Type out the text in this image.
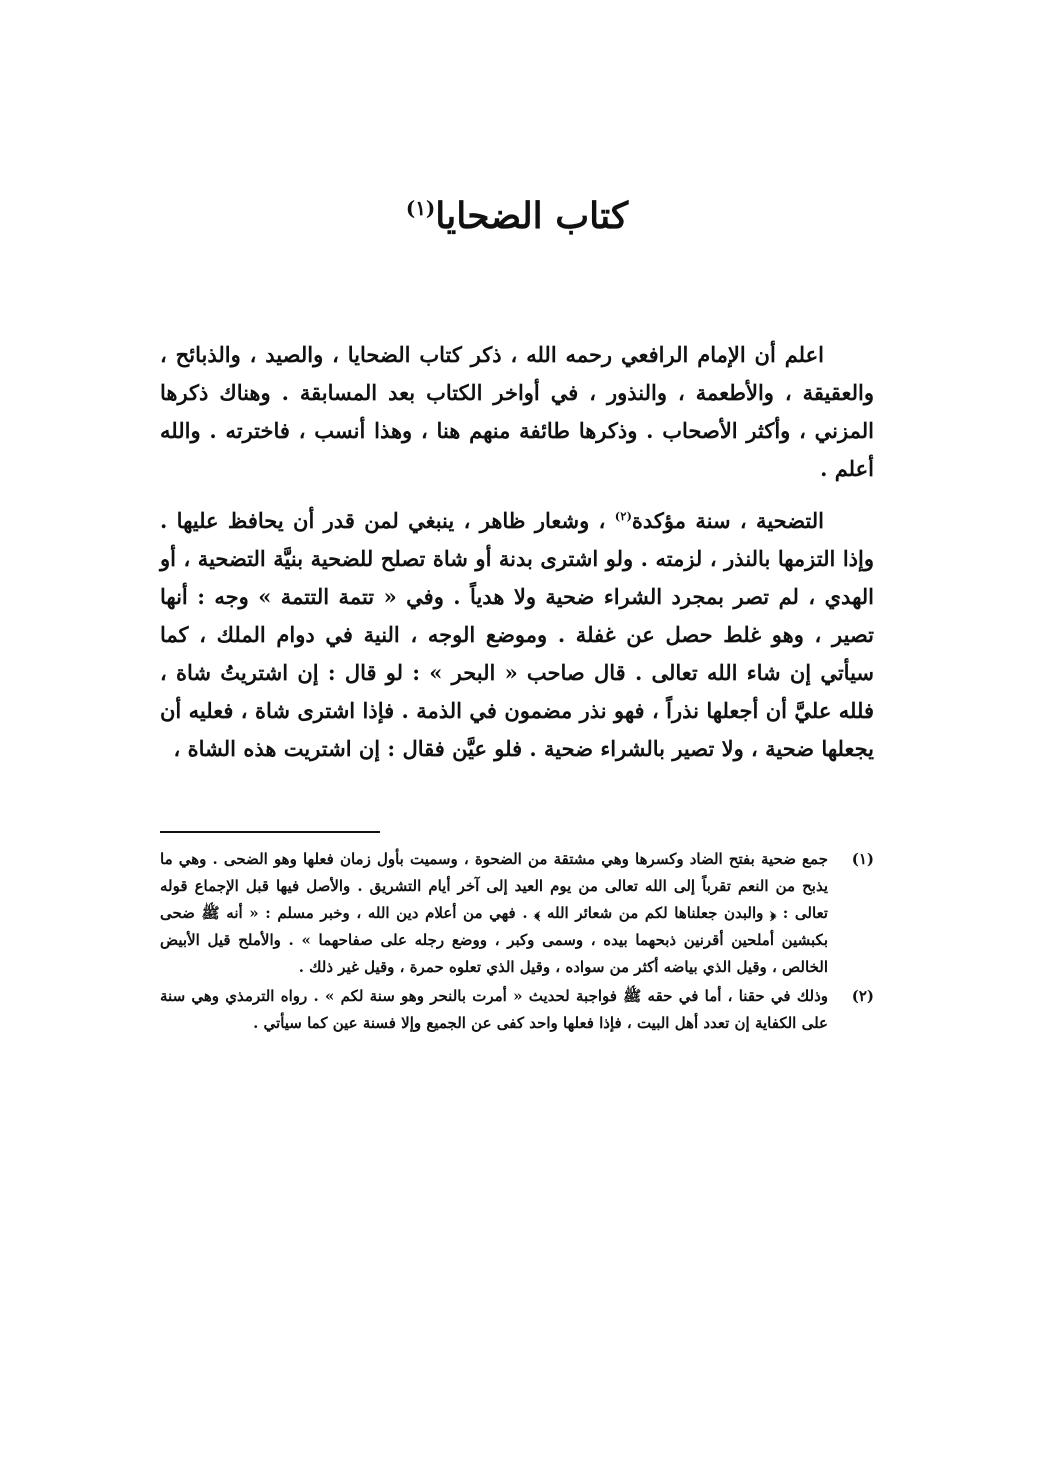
كتاب الضحايا$^{(١)}$

اعلم أن الإمام الرافعي رحمه الله ، ذكر كتاب الضحايا ، والصيد ، والذبائح ، والعقيقة ، والأطعمة ، والنذور ، في أواخر الكتاب بعد المسابقة . وهناك ذكرها المزني ، وأكثر الأصحاب . وذكرها طائفة منهم هنا ، وهذا أنسب ، فاخترته . والله أعلم .

التضحية ، سنة مؤكدة$^{(٢)}$ ، وشعار ظاهر ، ينبغي لمن قدر أن يحافظ عليها . وإذا التزمها بالنذر ، لزمته . ولو اشترى بدنة أو شاة تصلح للضحية بنيَّة التضحية ، أو الهدي ، لم تصر بمجرد الشراء ضحية ولا هدياً . وفي « تتمة التتمة » وجه : أنها تصير ، وهو غلط حصل عن غفلة . وموضع الوجه ، النية في دوام الملك ، كما سيأتي إن شاء الله تعالى . قال صاحب « البحر » : لو قال : إن اشتريتُ شاة ، فلله عليَّ أن أجعلها نذراً ، فهو نذر مضمون في الذمة . فإذا اشترى شاة ، فعليه أن يجعلها ضحية ، ولا تصير بالشراء ضحية . فلو عيَّن فقال : إن اشتريت هذه الشاة ،

(١)
جمع ضحية بفتح الضاد وكسرها وهي مشتقة من الضحوة ، وسميت بأول زمان فعلها وهو الضحى . وهي ما يذبح من النعم تقرباً إلى الله تعالى من يوم العيد إلى آخر أيام التشريق . والأصل فيها قبل الإجماع قوله تعالى : ﴿ والبدن جعلناها لكم من شعائر الله ﴾ . فهي من أعلام دين الله ، وخبر مسلم : « أنه ﷺ ضحى بكبشين أملحين أقرنين ذبحهما بيده ، وسمى وكبر ، ووضع رجله على صفاحهما » . والأملح قيل الأبيض الخالص ، وقيل الذي بياضه أكثر من سواده ، وقيل الذي تعلوه حمرة ، وقيل غير ذلك .
(٢)
وذلك في حقنا ، أما في حقه ﷺ فواجبة لحديث « أمرت بالنحر وهو سنة لكم » . رواه الترمذي وهي سنة على الكفاية إن تعدد أهل البيت ، فإذا فعلها واحد كفى عن الجميع وإلا فسنة عين كما سيأتي .
